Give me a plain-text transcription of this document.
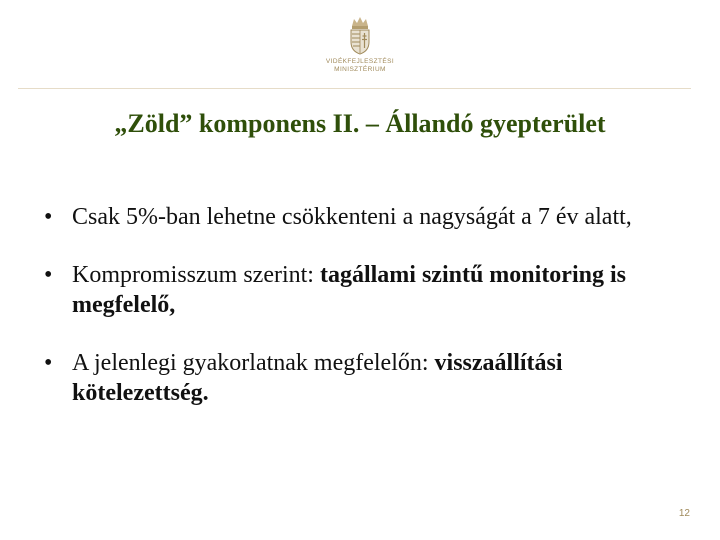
VIDÉKFEJLESZTÉSI
MINISZTÉRIUM
„Zöld” komponens II. – Állandó gyepterület
• Csak 5%-ban lehetne csökkenteni a nagyságát a 7 év alatt,
• Kompromisszum szerint: tagállami szintű monitoring is megfelelő,
• A jelenlegi gyakorlatnak megfelelőn: visszaállítási kötelezettség.
12
